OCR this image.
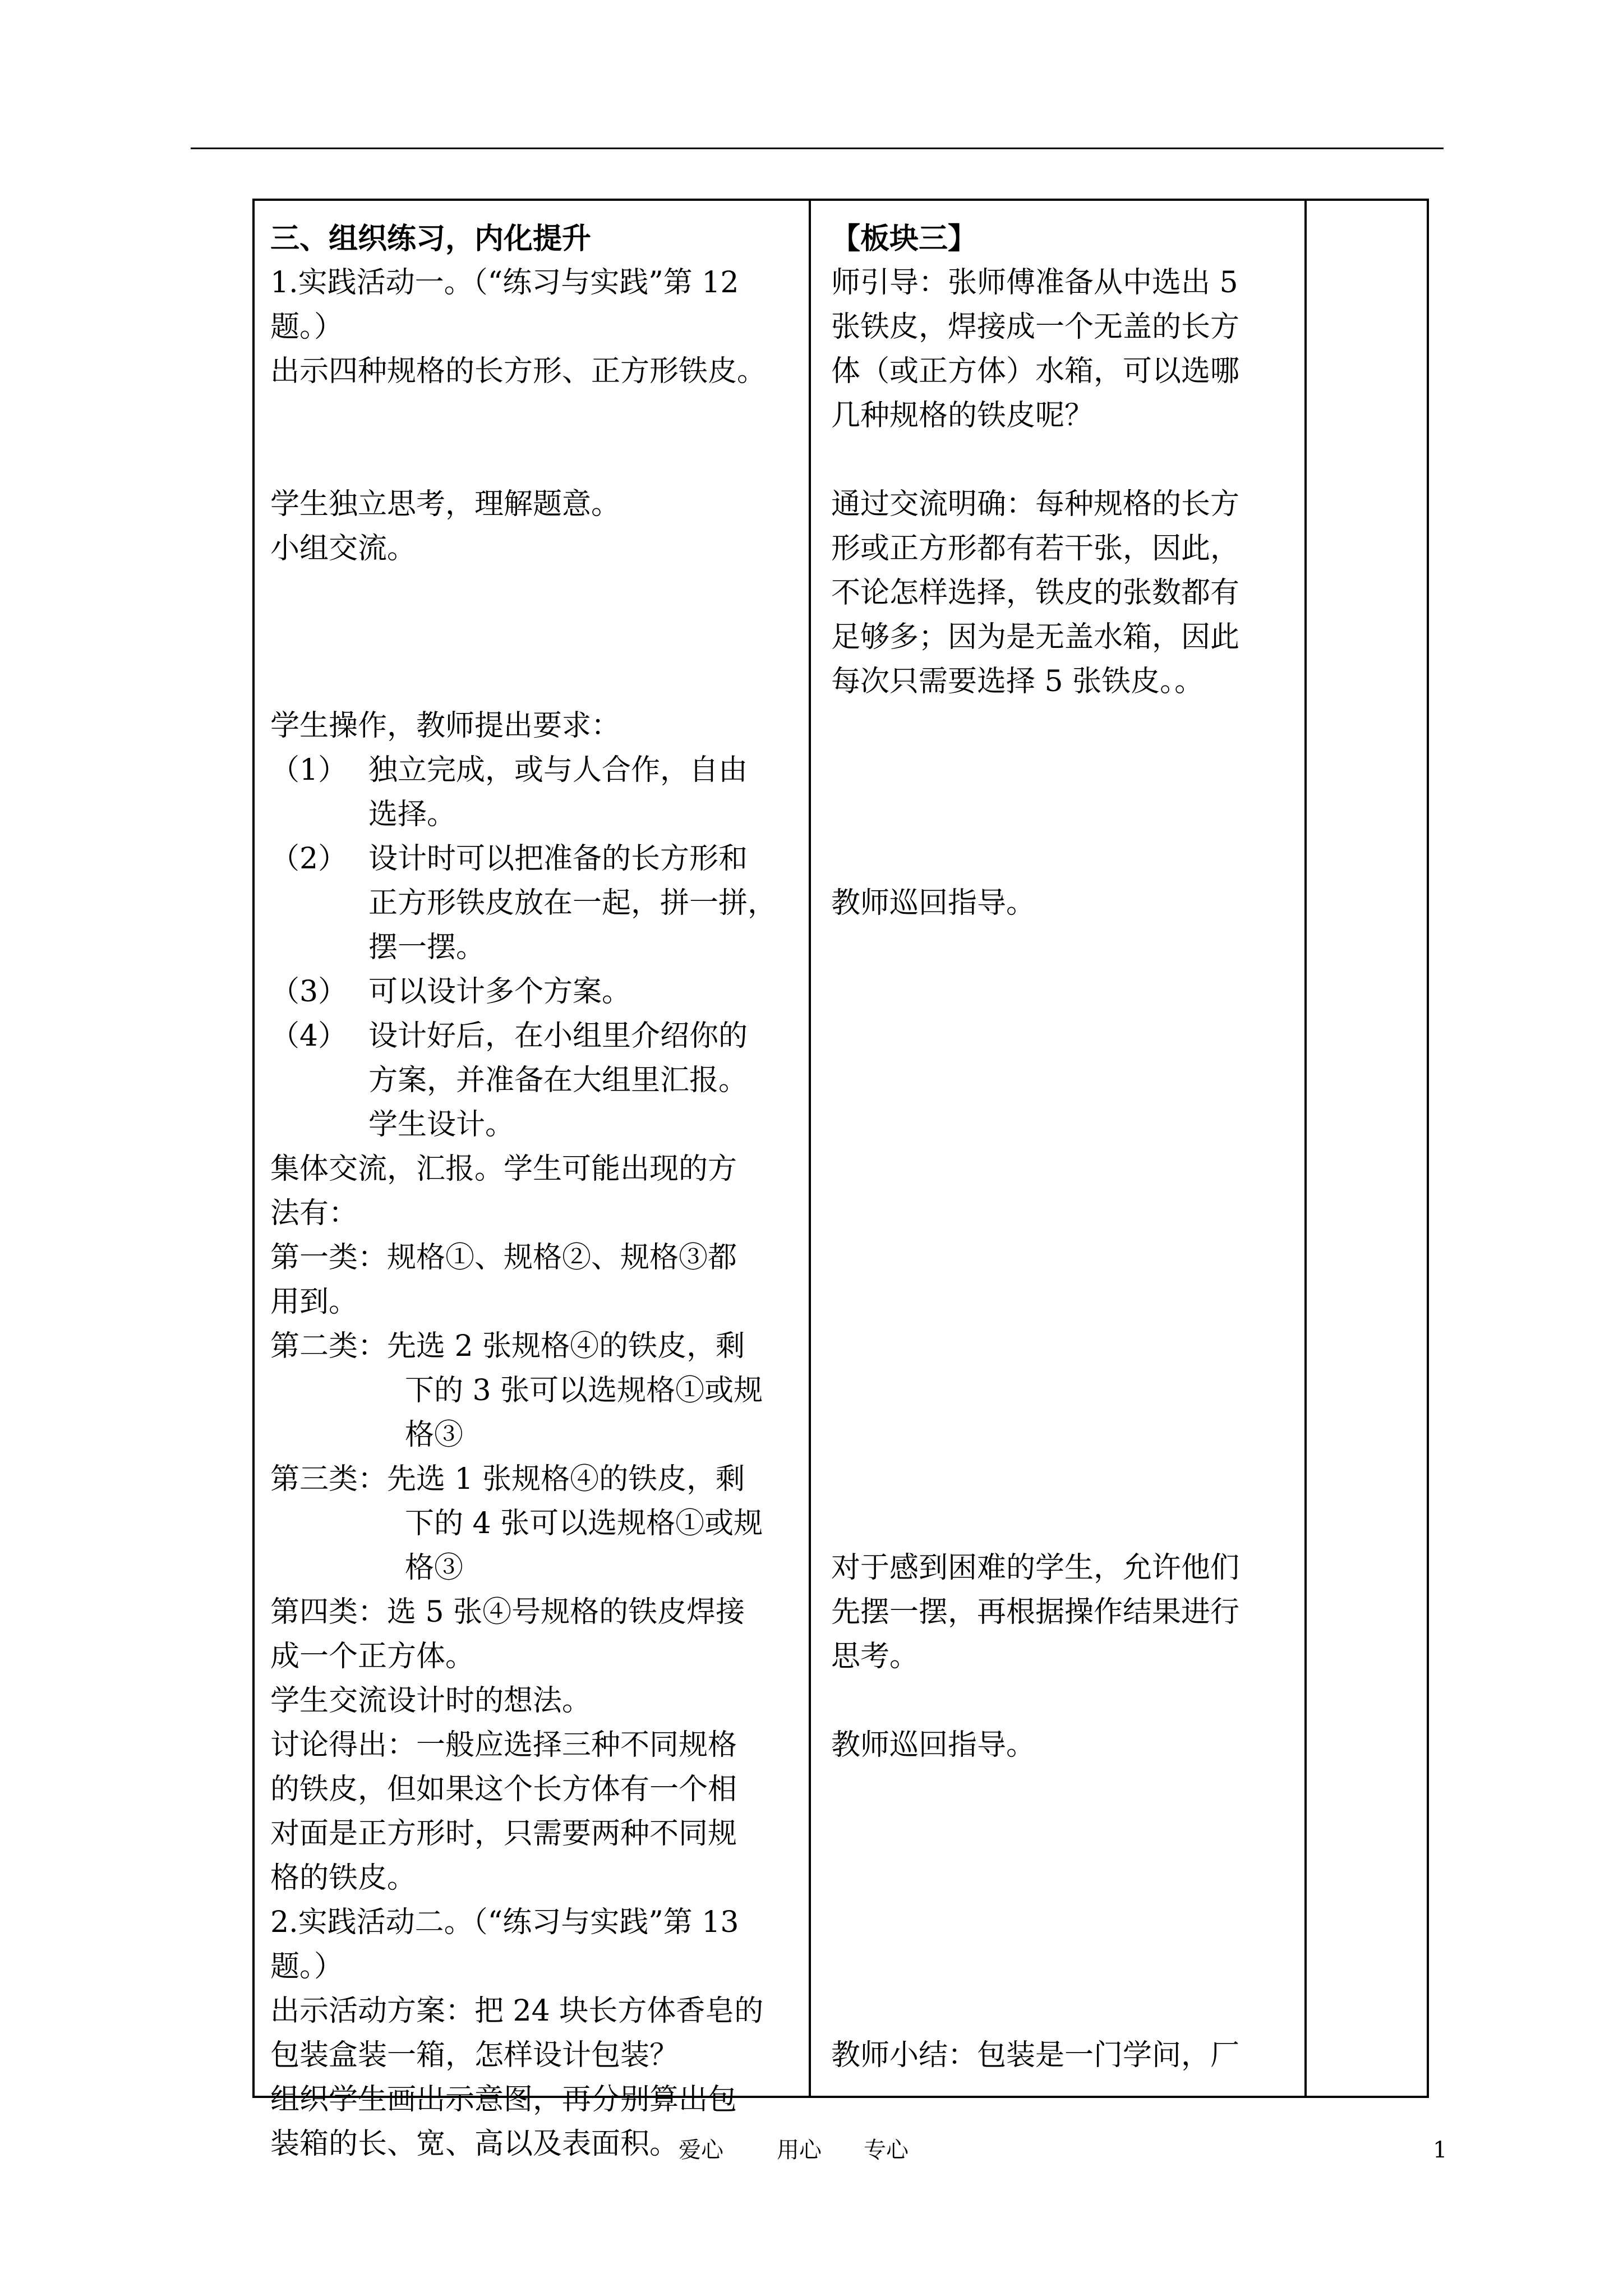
三、组织练习，内化提升
1.实践活动一。（“练习与实践”第 12
题。）
出示四种规格的长方形、正方形铁皮。
学生独立思考，理解题意。
小组交流。
学生操作，教师提出要求：
（1） 独立完成，或与人合作，自由
选择。
（2） 设计时可以把准备的长方形和
正方形铁皮放在一起，拼一拼，
摆一摆。
（3） 可以设计多个方案。
（4） 设计好后，在小组里介绍你的
方案，并准备在大组里汇报。
学生设计。
集体交流，汇报。学生可能出现的方
法有：
第一类：规格①、规格②、规格③都
用到。
第二类：先选 2 张规格④的铁皮，剩
下的 3 张可以选规格①或规
格③
第三类：先选 1 张规格④的铁皮，剩
下的 4 张可以选规格①或规
格③
第四类：选 5 张④号规格的铁皮焊接
成一个正方体。
学生交流设计时的想法。
讨论得出：一般应选择三种不同规格
的铁皮，但如果这个长方体有一个相
对面是正方形时，只需要两种不同规
格的铁皮。
2.实践活动二。（“练习与实践”第 13
题。）
出示活动方案：把 24 块长方体香皂的
包装盒装一箱，怎样设计包装？
组织学生画出示意图，再分别算出包
装箱的长、宽、高以及表面积。
【板块三】
师引导：张师傅准备从中选出 5
张铁皮，焊接成一个无盖的长方
体（或正方体）水箱，可以选哪
几种规格的铁皮呢？
通过交流明确：每种规格的长方
形或正方形都有若干张，因此，
不论怎样选择，铁皮的张数都有
足够多；因为是无盖水箱，因此
每次只需要选择 5 张铁皮。。
教师巡回指导。
对于感到困难的学生，允许他们
先摆一摆，再根据操作结果进行
思考。
教师巡回指导。
教师小结：包装是一门学问，厂
爱心 用心 专心	1
